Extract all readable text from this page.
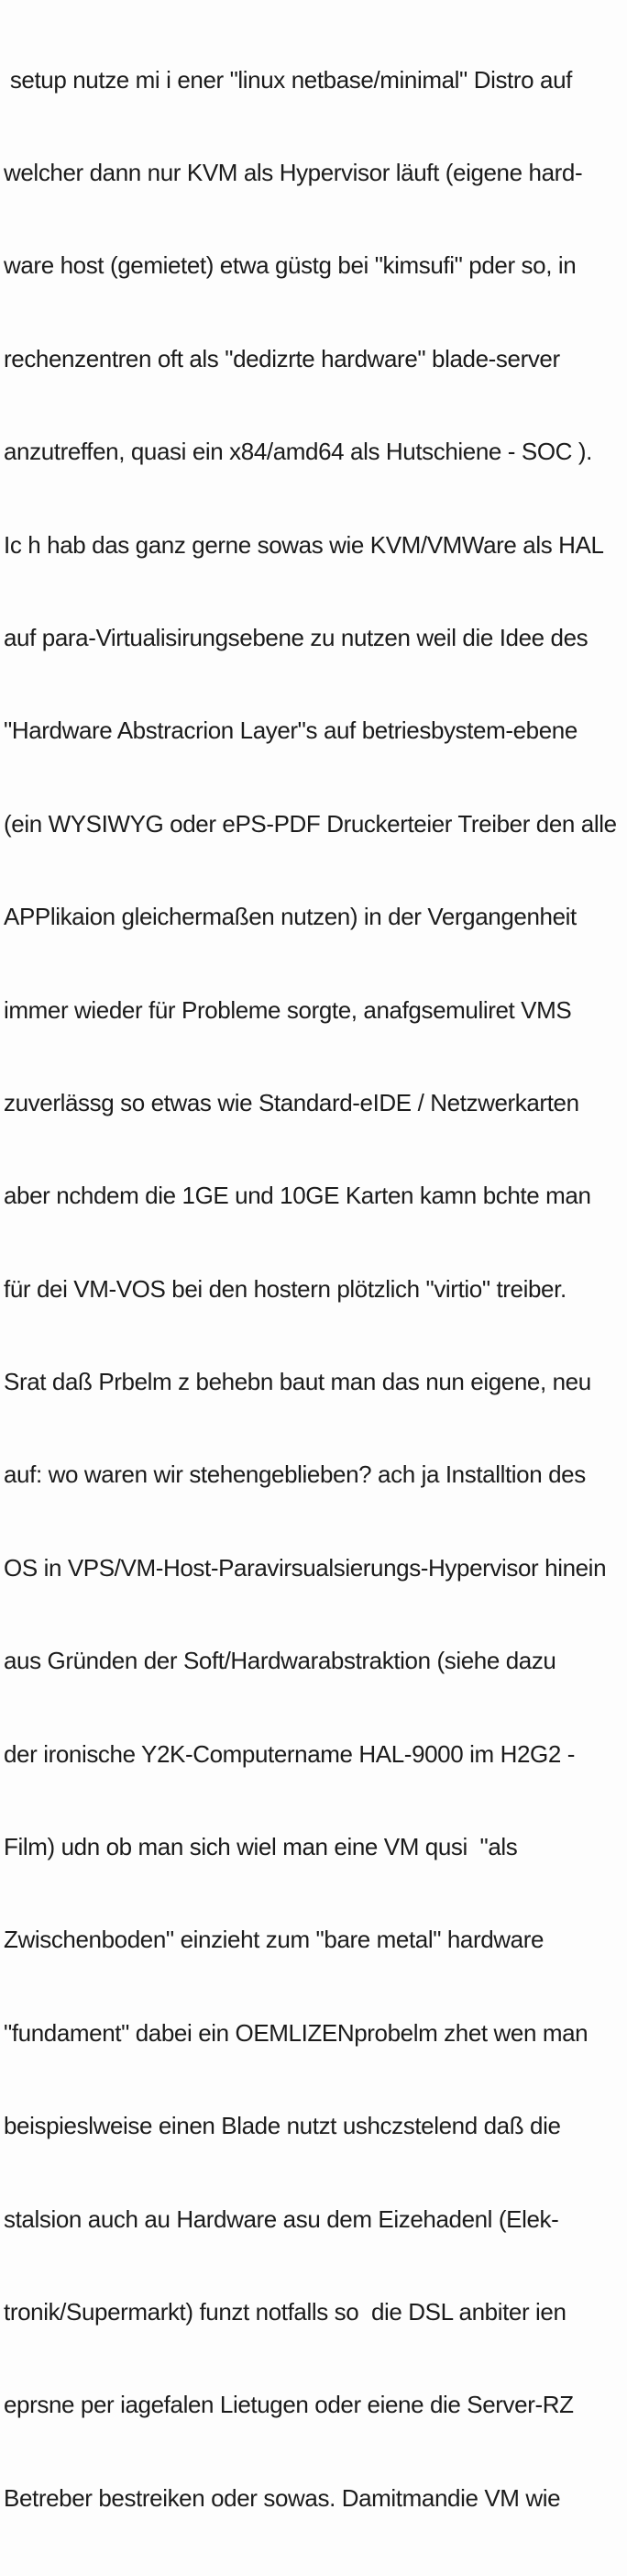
setup nutze mi i ener "linux netbase/minimal" Distro auf

welcher dann nur KVM als Hypervisor läuft (eigene hard-

ware host (gemietet) etwa güstg bei "kimsufi" pder so, in

rechenzentren oft als "dedizrte hardware" blade-server

anzutreffen, quasi ein x84/amd64 als Hutschiene - SOC ).

Ic h hab das ganz gerne sowas wie KVM/VMWare als HAL

auf para-Virtualisirungsebene zu nutzen weil die Idee des

"Hardware Abstracrion Layer"s auf betriesbystem-ebene

(ein WYSIWYG oder ePS-PDF Druckerteier Treiber den alle

APPlikaion gleichermaßen nutzen) in der Vergangenheit

immer wieder für Probleme sorgte, anafgsemuliret VMS

zuverlässg so etwas wie Standard-eIDE / Netzwerkarten

aber nchdem die 1GE und 10GE Karten kamn bchte man

für dei VM-VOS bei den hostern plötzlich "virtio" treiber.

Srat daß Prbelm z behebn baut man das nun eigene, neu

auf: wo waren wir stehengeblieben? ach ja Installtion des

OS in VPS/VM-Host-Paravirsualsierungs-Hypervisor hinein

aus Gründen der Soft/Hardwarabstraktion (siehe dazu

der ironische Y2K-Computername HAL-9000 im H2G2 -

Film) udn ob man sich wiel man eine VM qusi  "als

Zwischenboden" einzieht zum "bare metal" hardware

"fundament" dabei ein OEMLIZENprobelm zhet wen man

beispieslweise einen Blade nutzt ushczstelend daß die

stalsion auch au Hardware asu dem Eizehadenl (Elek-

tronik/Supermarkt) funzt notfalls so  die DSL anbiter ien

eprsne per iagefalen Lietugen oder eiene die Server-RZ

Betreber bestreiken oder sowas. Damitmandie VM wie
